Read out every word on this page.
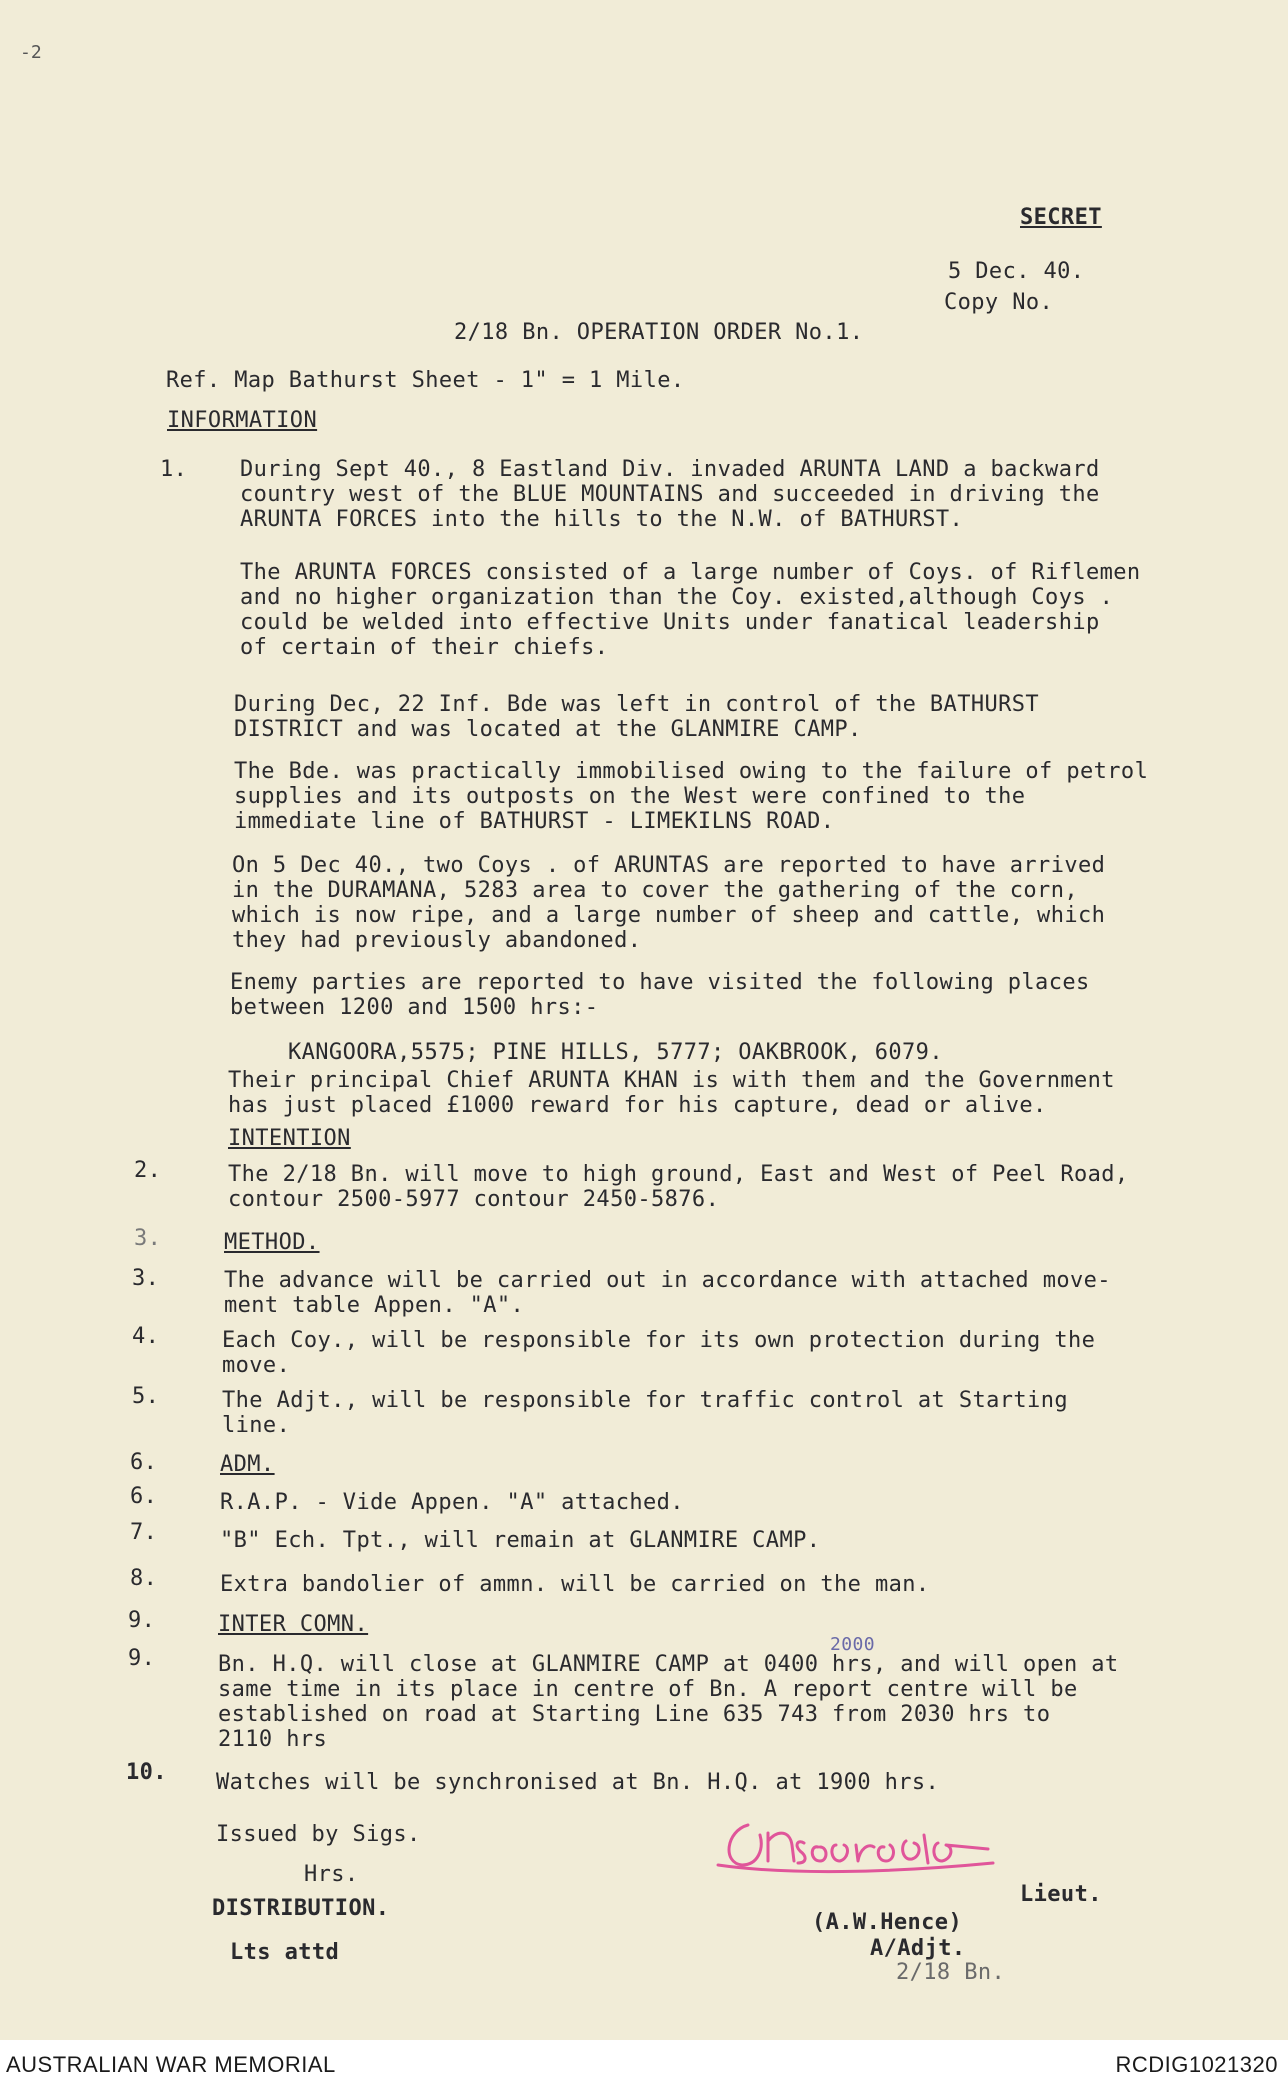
-2
SECRET
5 Dec. 40.
Copy No.
2/18 Bn. OPERATION ORDER No.1.
Ref. Map Bathurst Sheet - 1" = 1 Mile.
INFORMATION
1. During Sept 40., 8 Eastland Div. invaded ARUNTA LAND a backward
country west of the BLUE MOUNTAINS and succeeded in driving the
ARUNTA FORCES into the hills to the N.W. of BATHURST.
The ARUNTA FORCES consisted of a large number of Coys. of Riflemen
and no higher organization than the Coy. existed,although Coys .
could be welded into effective Units under fanatical leadership
of certain of their chiefs.
During Dec, 22 Inf. Bde was left in control of the BATHURST
DISTRICT and was located at the GLANMIRE CAMP.
The Bde. was practically immobilised owing to the failure of petrol
supplies and its outposts on the West were confined to the
immediate line of BATHURST - LIMEKILNS ROAD.
On 5 Dec 40., two Coys . of ARUNTAS are reported to have arrived
in the DURAMANA, 5283 area to cover the gathering of the corn,
which is now ripe, and a large number of sheep and cattle, which
they had previously abandoned.
Enemy parties are reported to have visited the following places
between 1200 and 1500 hrs:-
KANGOORA,5575; PINE HILLS, 5777; OAKBROOK, 6079.
Their principal Chief ARUNTA KHAN is with them and the Government
has just placed £1000 reward for his capture, dead or alive.
INTENTION
2.	The 2/18 Bn. will move to high ground, East and West of Peel Road,
contour 2500-5977 contour 2450-5876.
3.	METHOD.
3.	The advance will be carried out in accordance with attached move-
ment table Appen. "A".
4.	Each Coy., will be responsible for its own protection during the
move.
5.	The Adjt., will be responsible for traffic control at Starting
line.
6.	ADM.
6.	R.A.P. - Vide Appen. "A" attached.
7.	"B" Ech. Tpt., will remain at GLANMIRE CAMP.
8.	Extra bandolier of ammn. will be carried on the man.
9.	INTER COMN.
9.
2000
Bn. H.Q. will close at GLANMIRE CAMP at 0400 hrs, and will open at
same time in its place in centre of Bn. A report centre will be
established on road at Starting Line 635 743 from 2030 hrs to
2110 hrs
10. Watches will be synchronised at Bn. H.Q. at 1900 hrs.
Issued by Sigs.
Hrs.
DISTRIBUTION.
Lts attd
Lieut.
(A.W.Hence)
A/Adjt.
2/18 Bn.
AUSTRALIAN WAR MEMORIAL	RCDIG1021320
